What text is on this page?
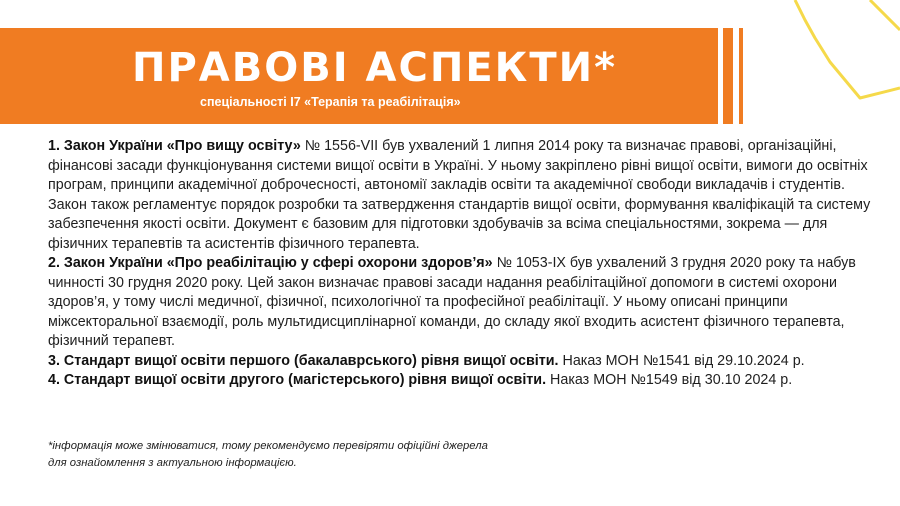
ПРАВОВІ АСПЕКТИ*
спеціальності I7 «Терапія та реабілітація»

1. Закон України «Про вищу освіту» № 1556-VII був ухвалений 1 липня 2014 року та визначає правові, організаційні, фінансові засади функціонування системи вищої освіти в Україні. У ньому закріплено рівні вищої освіти, вимоги до освітніх програм, принципи академічної доброчесності, автономії закладів освіти та академічної свободи викладачів і студентів. Закон також регламентує порядок розробки та затвердження стандартів вищої освіти, формування кваліфікацій та систему забезпечення якості освіти. Документ є базовим для підготовки здобувачів за всіма спеціальностями, зокрема — для фізичних терапевтів та асистентів фізичного терапевта.

2. Закон України «Про реабілітацію у сфері охорони здоров’я» № 1053-IX був ухвалений 3 грудня 2020 року та набув чинності 30 грудня 2020 року. Цей закон визначає правові засади надання реабілітаційної допомоги в системі охорони здоров’я, у тому числі медичної, фізичної, психологічної та професійної реабілітації. У ньому описані принципи міжсекторальної взаємодії, роль мультидисциплінарної команди, до складу якої входить асистент фізичного терапевта, фізичний терапевт.

3. Стандарт вищої освіти першого (бакалаврського) рівня вищої освіти. Наказ МОН №1541 від 29.10.2024 р.

4. Стандарт вищої освіти другого (магістерського) рівня вищої освіти. Наказ МОН №1549 від 30.10 2024 р.

*інформація може змінюватися, тому рекомендуємо перевіряти офіційні джерела
для ознайомлення з актуальною інформацією.
